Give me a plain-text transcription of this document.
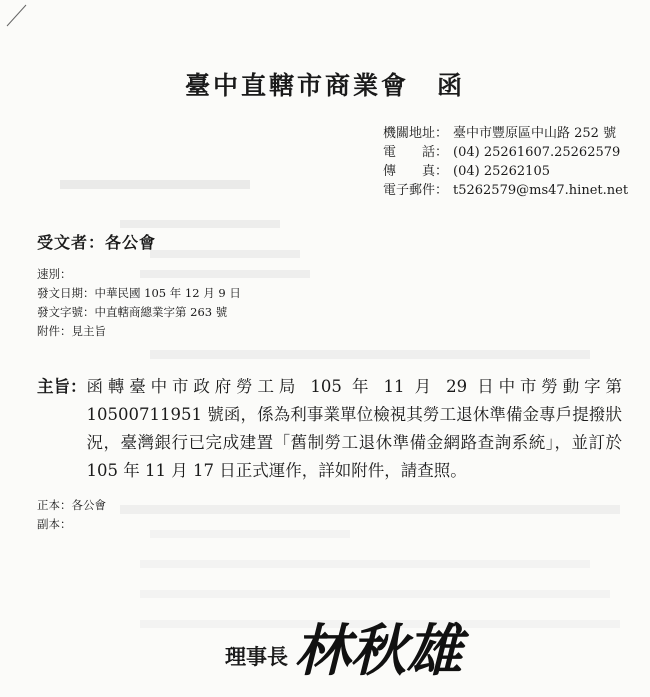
臺中直轄市商業會　函
機關地址： 臺中市豐原區中山路 252 號
電　　話： (04) 25261607.25262579
傳　　真： (04) 25262105
電子郵件： t5262579@ms47.hinet.net
受文者：各公會
速別：
發文日期： 中華民國 105 年 12 月 9 日
發文字號： 中直轄商總業字第 263 號
附件： 見主旨
主旨： 函轉臺中市政府勞工局 105 年 11 月 29 日中市勞動字第 10500711951 號函，係為利事業單位檢視其勞工退休準備金專戶提撥狀況，臺灣銀行已完成建置「舊制勞工退休準備金網路查詢系統」，並訂於 105 年 11 月 17 日正式運作，詳如附件，請查照。
正本：各公會
副本：
理事長 林秋雄
